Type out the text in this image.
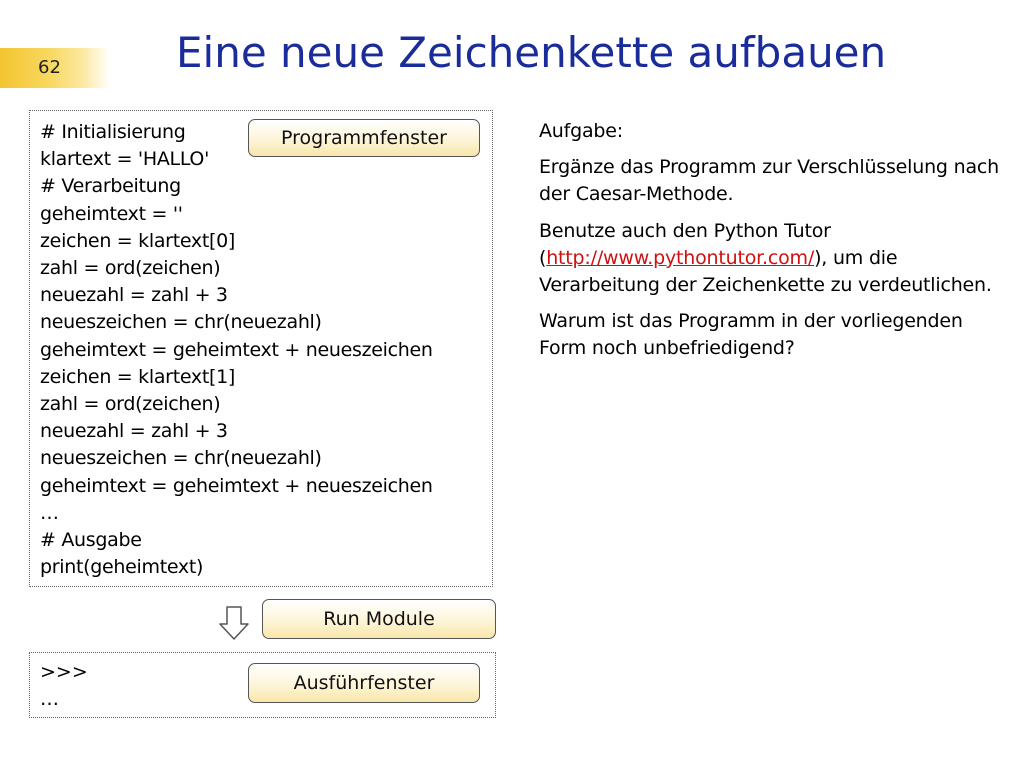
62	Eine neue Zeichenkette aufbauen
# Initialisierung
klartext = 'HALLO'
# Verarbeitung
geheimtext = ''
zeichen = klartext[0]
zahl = ord(zeichen)
neuezahl = zahl + 3
neueszeichen = chr(neuezahl)
geheimtext = geheimtext + neueszeichen
zeichen = klartext[1]
zahl = ord(zeichen)
neuezahl = zahl + 3
neueszeichen = chr(neuezahl)
geheimtext = geheimtext + neueszeichen
…
# Ausgabe
print(geheimtext)
Programmfenster
Run Module
>>>
…
Ausführfenster

Aufgabe:

Ergänze das Programm zur Verschlüsselung nach der Caesar-Methode.

Benutze auch den Python Tutor (http://www.pythontutor.com/), um die Verarbeitung der Zeichenkette zu verdeutlichen.

Warum ist das Programm in der vorliegenden Form noch unbefriedigend?
